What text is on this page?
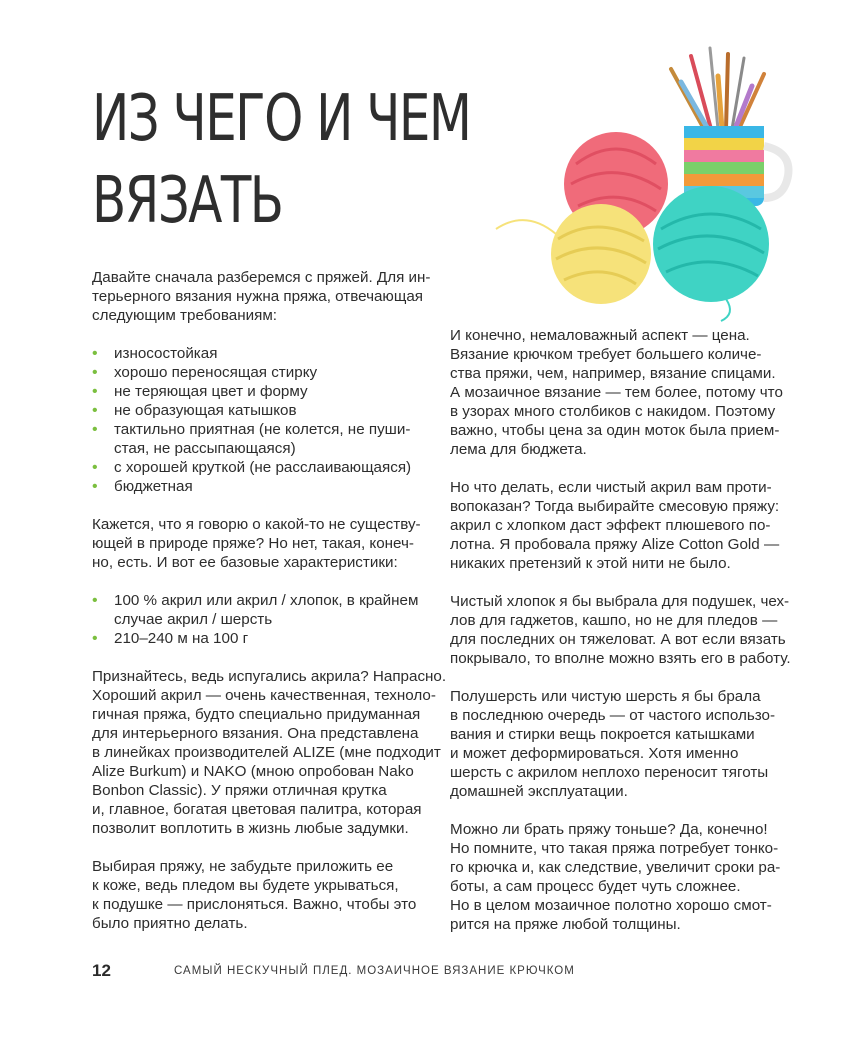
ИЗ ЧЕГО И ЧЕМ
ВЯЗАТЬ

Давайте сначала разберемся с пряжей. Для ин-
терьерного вязания нужна пряжа, отвечающая
следующим требованиям:

• износостойкая
• хорошо переносящая стирку
• не теряющая цвет и форму
• не образующая катышков
• тактильно приятная (не колется, не пуши-
стая, не рассыпающаяся)
• с хорошей круткой (не расслаивающаяся)
• бюджетная

Кажется, что я говорю о какой-то не существу-
ющей в природе пряже? Но нет, такая, конеч-
но, есть. И вот ее базовые характеристики:

• 100 % акрил или акрил / хлопок, в крайнем
случае акрил / шерсть
• 210–240 м на 100 г

Признайтесь, ведь испугались акрила? Напрасно.
Хороший акрил — очень качественная, техноло-
гичная пряжа, будто специально придуманная
для интерьерного вязания. Она представлена
в линейках производителей ALIZE (мне подходит
Alize Burkum) и NAKO (мною опробован Nako
Bonbon Classic). У пряжи отличная крутка
и, главное, богатая цветовая палитра, которая
позволит воплотить в жизнь любые задумки.

Выбирая пряжу, не забудьте приложить ее
к коже, ведь пледом вы будете укрываться,
к подушке — прислоняться. Важно, чтобы это
было приятно делать.

И конечно, немаловажный аспект — цена.
Вязание крючком требует большего количе-
ства пряжи, чем, например, вязание спицами.
А мозаичное вязание — тем более, потому что
в узорах много столбиков с накидом. Поэтому
важно, чтобы цена за один моток была прием-
лема для бюджета.

Но что делать, если чистый акрил вам проти-
вопоказан? Тогда выбирайте смесовую пряжу:
акрил с хлопком даст эффект плюшевого по-
лотна. Я пробовала пряжу Alize Cotton Gold —
никаких претензий к этой нити не было.

Чистый хлопок я бы выбрала для подушек, чех-
лов для гаджетов, кашпо, но не для пледов —
для последних он тяжеловат. А вот если вязать
покрывало, то вполне можно взять его в работу.

Полушерсть или чистую шерсть я бы брала
в последнюю очередь — от частого использо-
вания и стирки вещь покроется катышками
и может деформироваться. Хотя именно
шерсть с акрилом неплохо переносит тяготы
домашней эксплуатации.

Можно ли брать пряжу тоньше? Да, конечно!
Но помните, что такая пряжа потребует тонко-
го крючка и, как следствие, увеличит сроки ра-
боты, а сам процесс будет чуть сложнее.
Но в целом мозаичное полотно хорошо смот-
рится на пряже любой толщины.

12	САМЫЙ НЕСКУЧНЫЙ ПЛЕД. МОЗАИЧНОЕ ВЯЗАНИЕ КРЮЧКОМ
